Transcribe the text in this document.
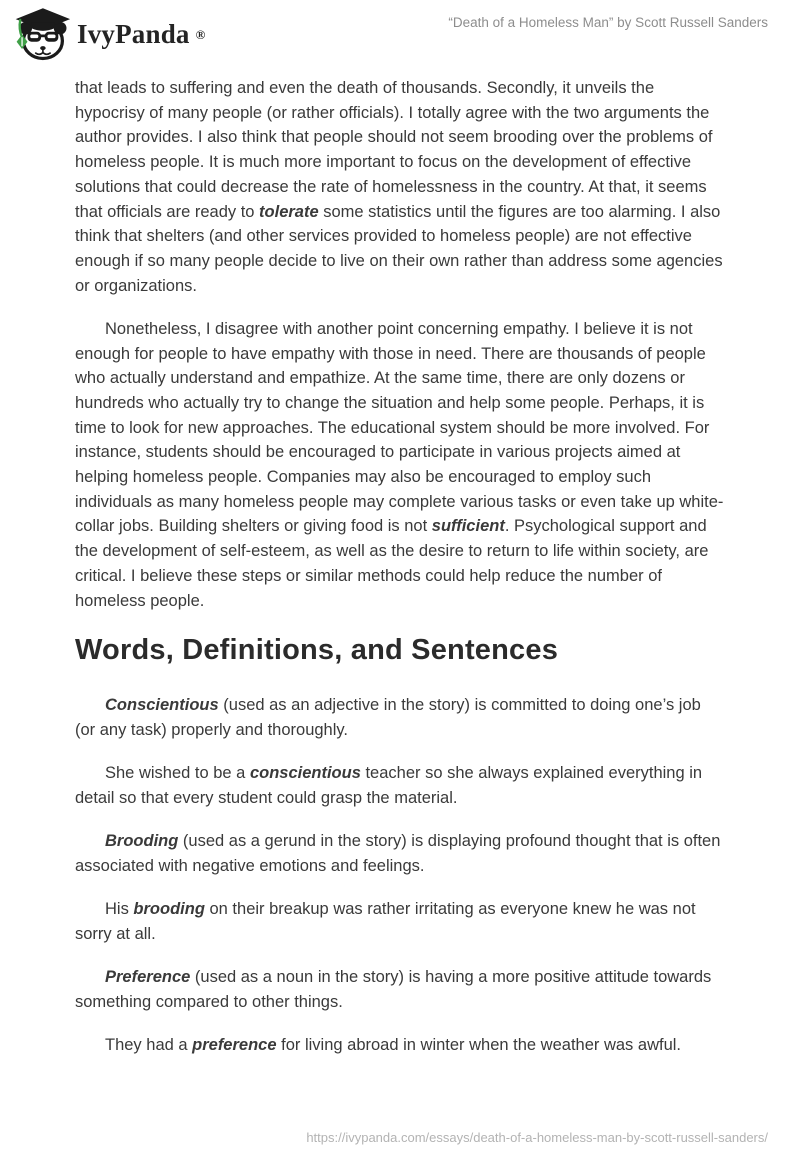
IvyPanda ®
“Death of a Homeless Man” by Scott Russell Sanders

that leads to suffering and even the death of thousands. Secondly, it unveils the hypocrisy of many people (or rather officials). I totally agree with the two arguments the author provides. I also think that people should not seem brooding over the problems of homeless people. It is much more important to focus on the development of effective solutions that could decrease the rate of homelessness in the country. At that, it seems that officials are ready to tolerate some statistics until the figures are too alarming. I also think that shelters (and other services provided to homeless people) are not effective enough if so many people decide to live on their own rather than address some agencies or organizations.

Nonetheless, I disagree with another point concerning empathy. I believe it is not enough for people to have empathy with those in need. There are thousands of people who actually understand and empathize. At the same time, there are only dozens or hundreds who actually try to change the situation and help some people. Perhaps, it is time to look for new approaches. The educational system should be more involved. For instance, students should be encouraged to participate in various projects aimed at helping homeless people. Companies may also be encouraged to employ such individuals as many homeless people may complete various tasks or even take up white-collar jobs. Building shelters or giving food is not sufficient. Psychological support and the development of self-esteem, as well as the desire to return to life within society, are critical. I believe these steps or similar methods could help reduce the number of homeless people.

Words, Definitions, and Sentences

Conscientious (used as an adjective in the story) is committed to doing one’s job (or any task) properly and thoroughly.

She wished to be a conscientious teacher so she always explained everything in detail so that every student could grasp the material.

Brooding (used as a gerund in the story) is displaying profound thought that is often associated with negative emotions and feelings.

His brooding on their breakup was rather irritating as everyone knew he was not sorry at all.

Preference (used as a noun in the story) is having a more positive attitude towards something compared to other things.

They had a preference for living abroad in winter when the weather was awful.

https://ivypanda.com/essays/death-of-a-homeless-man-by-scott-russell-sanders/
